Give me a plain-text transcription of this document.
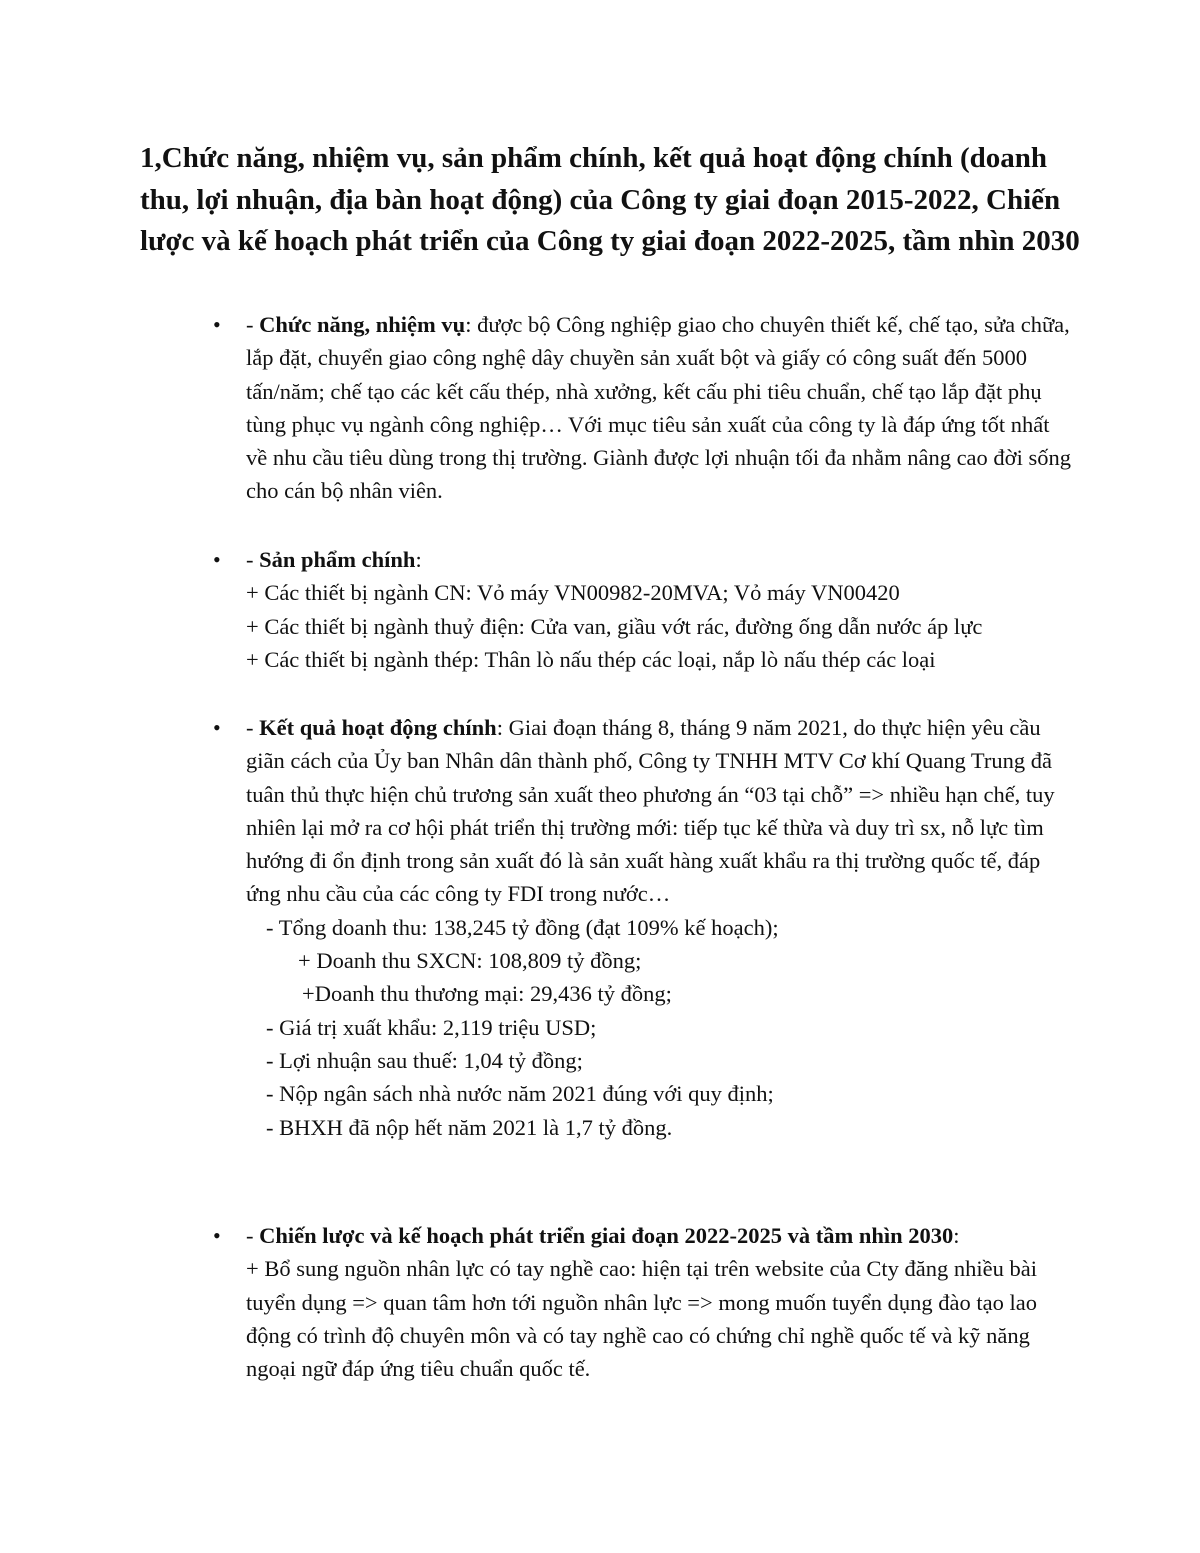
1,Chức năng, nhiệm vụ, sản phẩm chính, kết quả hoạt động chính (doanh thu, lợi nhuận, địa bàn hoạt động) của Công ty giai đoạn 2015-2022, Chiến lược và kế hoạch phát triển của Công ty giai đoạn 2022-2025, tầm nhìn 2030
• - Chức năng, nhiệm vụ: được bộ Công nghiệp giao cho chuyên thiết kế, chế tạo, sửa chữa, lắp đặt, chuyển giao công nghệ dây chuyền sản xuất bột và giấy có công suất đến 5000 tấn/năm; chế tạo các kết cấu thép, nhà xưởng, kết cấu phi tiêu chuẩn, chế tạo lắp đặt phụ tùng phục vụ ngành công nghiệp… Với mục tiêu sản xuất của công ty là đáp ứng tốt nhất về nhu cầu tiêu dùng trong thị trường. Giành được lợi nhuận tối đa nhằm nâng cao đời sống cho cán bộ nhân viên.
• - Sản phẩm chính:
+ Các thiết bị ngành CN: Vỏ máy VN00982-20MVA; Vỏ máy VN00420
+ Các thiết bị ngành thuỷ điện: Cửa van, giầu vớt rác, đường ống dẫn nước áp lực
+ Các thiết bị ngành thép: Thân lò nấu thép các loại, nắp lò nấu thép các loại
• - Kết quả hoạt động chính: Giai đoạn tháng 8, tháng 9 năm 2021, do thực hiện yêu cầu giãn cách của Ủy ban Nhân dân thành phố, Công ty TNHH MTV Cơ khí Quang Trung đã tuân thủ thực hiện chủ trương sản xuất theo phương án “03 tại chỗ” => nhiều hạn chế, tuy nhiên lại mở ra cơ hội phát triển thị trường mới: tiếp tục kế thừa và duy trì sx, nỗ lực tìm hướng đi ổn định trong sản xuất đó là sản xuất hàng xuất khẩu ra thị trường quốc tế, đáp ứng nhu cầu của các công ty FDI trong nước…
- Tổng doanh thu: 138,245 tỷ đồng (đạt 109% kế hoạch);
+ Doanh thu SXCN: 108,809 tỷ đồng;
+Doanh thu thương mại: 29,436 tỷ đồng;
- Giá trị xuất khẩu: 2,119 triệu USD;
- Lợi nhuận sau thuế: 1,04 tỷ đồng;
- Nộp ngân sách nhà nước năm 2021 đúng với quy định;
- BHXH đã nộp hết năm 2021 là 1,7 tỷ đồng.
• - Chiến lược và kế hoạch phát triển giai đoạn 2022-2025 và tầm nhìn 2030:
+ Bổ sung nguồn nhân lực có tay nghề cao: hiện tại trên website của Cty đăng nhiều bài tuyển dụng => quan tâm hơn tới nguồn nhân lực => mong muốn tuyển dụng đào tạo lao động có trình độ chuyên môn và có tay nghề cao có chứng chỉ nghề quốc tế và kỹ năng ngoại ngữ đáp ứng tiêu chuẩn quốc tế.
